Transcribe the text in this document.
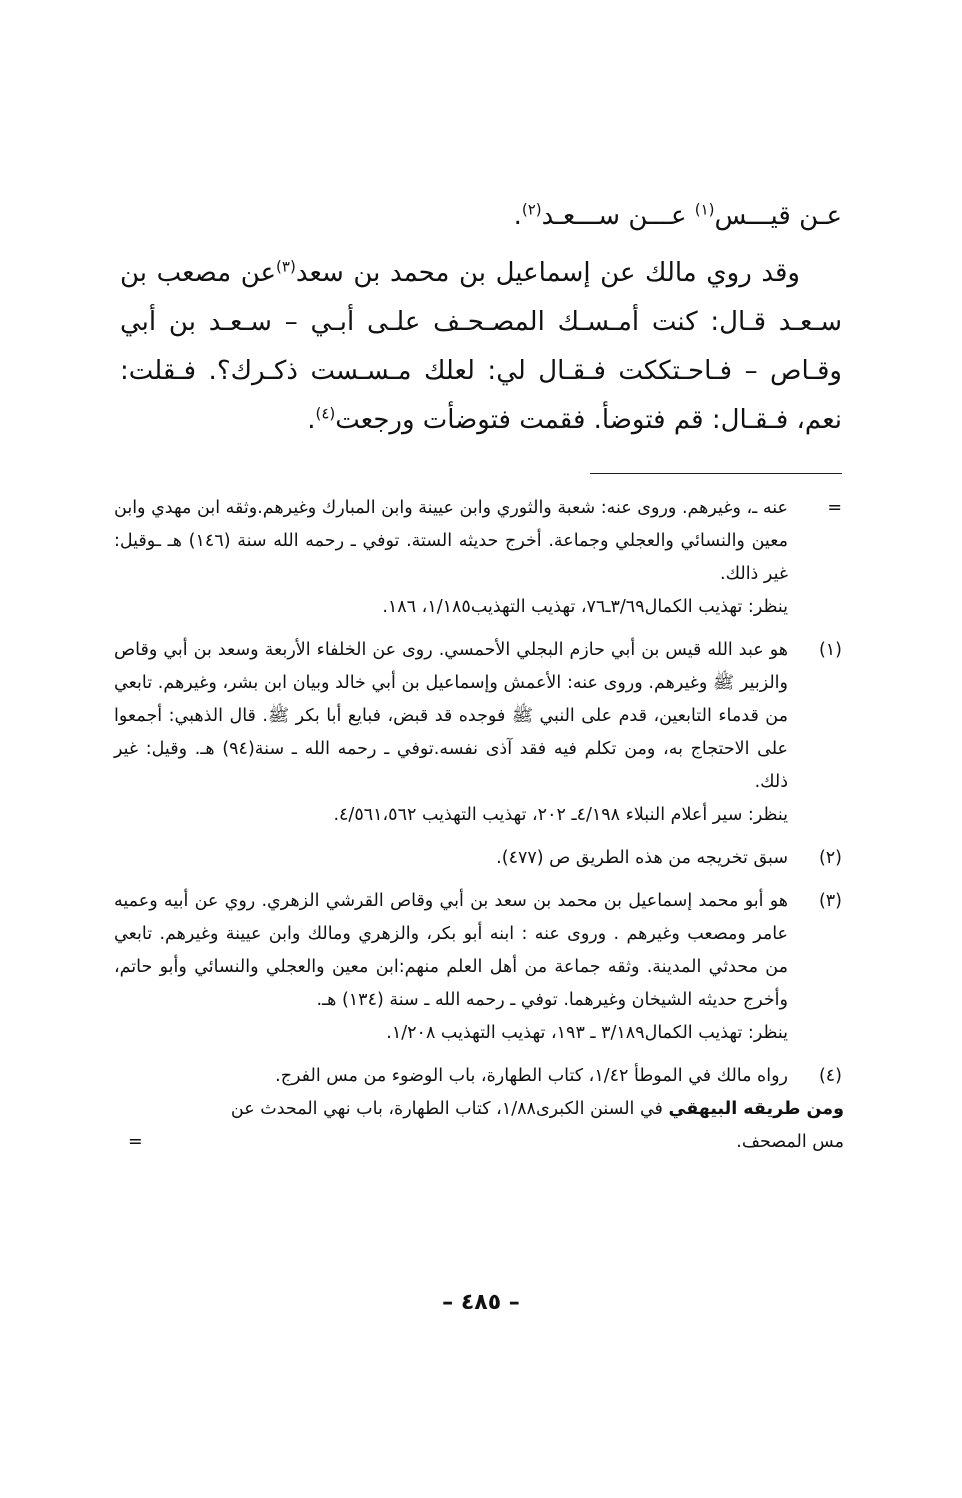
عـن قيـــس$^{(١)}$ عـــن ســـعـد$^{(٢)}$.

وقد روي مالك عن إسماعيل بن محمد بن سعد$^{(٣)}$عن مصعب بن سـعـد قـال: كنت أمـسـك المصـحـف علـى أبـي – سـعـد بن أبي وقـاص – فـاحـتككت فـقـال لي: لعلك مـسـست ذكـرك؟. فـقلت: نعم، فـقـال: قم فتوضأ. فقمت فتوضأت ورجعت$^{(٤)}$.

=

عنه ـ، وغيرهم. وروى عنه: شعبة والثوري وابن عيينة وابن المبارك وغيرهم.وثقه ابن مهدي وابن معين والنسائي والعجلي وجماعة. أخرج حديثه الستة. توفي ـ رحمه الله سنة (١٤٦) هـ ـوقيل: غير ذالك.

ينظر: تهذيب الكمال٣/٦٩ـ٧٦، تهذيب التهذيب١/١٨٥، ١٨٦.

(١)

هو عبد الله قيس بن أبي حازم البجلي الأحمسي. روى عن الخلفاء الأربعة وسعد بن أبي وقاص والزبير ﷺ وغيرهم. وروى عنه: الأعمش وإسماعيل بن أبي خالد وبيان ابن بشر، وغيرهم. تابعي من قدماء التابعين، قدم على النبي ﷺ فوجده قد قبض، فبايع أبا بكر ﷺ. قال الذهبي: أجمعوا على الاحتجاج به، ومن تكلم فيه فقد آذى نفسه.توفي ـ رحمه الله ـ سنة(٩٤) هـ. وقيل: غير ذلك.

ينظر: سير أعلام النبلاء ٤/١٩٨ـ ٢٠٢، تهذيب التهذيب ٤/٥٦١،٥٦٢.

(٢)

سبق تخريجه من هذه الطريق ص (٤٧٧).

(٣)

هو أبو محمد إسماعيل بن محمد بن سعد بن أبي وقاص القرشي الزهري. روي عن أبيه وعميه عامر ومصعب وغيرهم . وروى عنه : ابنه أبو بكر، والزهري ومالك وابن عيينة وغيرهم. تابعي من محدثي المدينة. وثقه جماعة من أهل العلم منهم:ابن معين والعجلي والنسائي وأبو حاتم، وأخرج حديثه الشيخان وغيرهما. توفي ـ رحمه الله ـ سنة (١٣٤) هـ.

ينظر: تهذيب الكمال٣/١٨٩ ـ ١٩٣، تهذيب التهذيب ١/٢٠٨.

(٤)

رواه مالك في الموطأ ١/٤٢، كتاب الطهارة، باب الوضوء من مس الفرج.

ومن طريقه البيهقي في السنن الكبرى١/٨٨، كتاب الطهارة، باب نهي المحدث عن

مس المصحف.
=
– ٤٨٥ –
